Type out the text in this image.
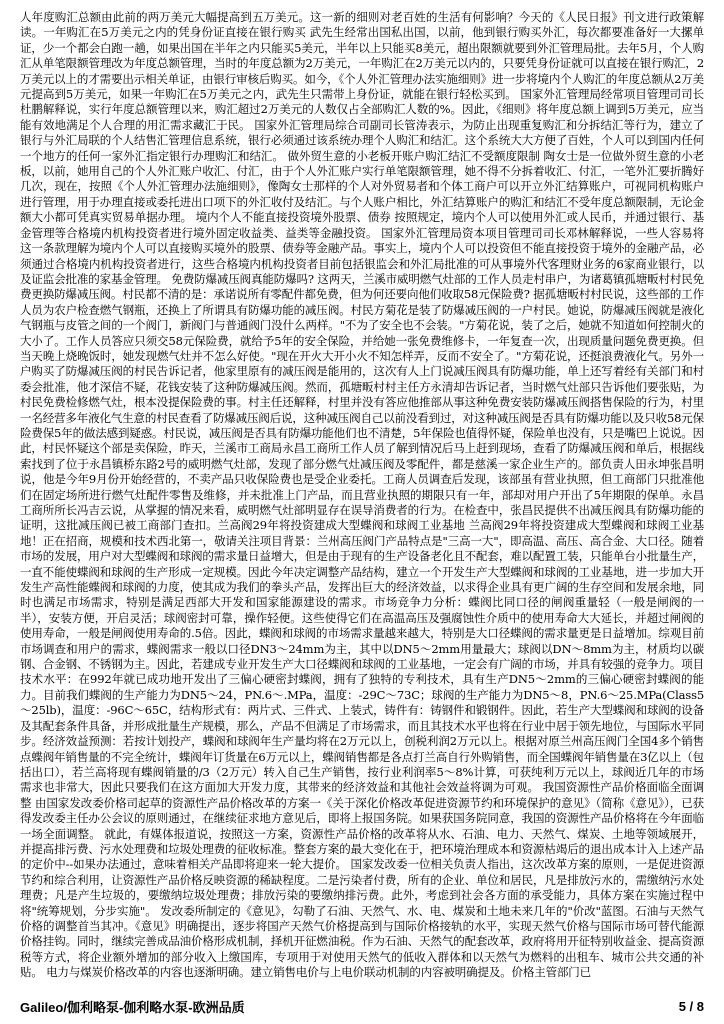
人年度购汇总额由此前的两万美元大幅提高到五万美元。这一新的细则对老百姓的生活有何影响？今天的《人民日报》刊文进行政策解读。一年购汇在5万美元之内的凭身份证直接在银行购买 武先生经常出国私出国，以前，他到银行购买外汇，每次都要准备好一大摞单证，少一个都会白跑一趟，如果出国在半年之内只能买5美元，半年以上只能买8美元，超出限额就要到外汇管理局批。去年5月，个人购汇从单笔限额管理改为年度总额管理，当时的年度总额为2万美元，一年购汇在2万美元以内的，只要凭身份证就可以直接在银行购汇，2万美元以上的才需要出示相关单证，由银行审核后购买。如今，《个人外汇管理办法实施细则》进一步将境内个人购汇的年度总额从2万美元提高到5万美元，如果一年购汇在5万美元之内，武先生只需带上身份证，就能在银行轻松买到。 国家外汇管理局经常项目管理司司长杜鹏解释说，实行年度总额管理以来，购汇超过2万美元的人数仅占全部购汇人数的%。因此，《细则》将年度总额上调到5万美元，应当能有效地满足个人合理的用汇需求藏汇于民。 国家外汇管理局综合司副司长管涛表示，为防止出现重复购汇和分拆结汇等行为，建立了银行与外汇局联的个人结售汇管理信息系统，银行必须通过该系统办理个人购汇和结汇。这个系统大大方便了百姓，个人可以到国内任何一个地方的任何一家外汇指定银行办理购汇和结汇。 做外贸生意的小老板开账户购汇结汇不受额度限制 陶女士是一位做外贸生意的小老板，以前，她用自己的个人外汇账户收汇、付汇，由于个人外汇账户实行单笔限额管理，她不得不分拆着收汇、付汇，一笔外汇要折腾好几次，现在，按照《个人外汇管理办法施细则》，像陶女士那样的个人对外贸易者和个体工商户可以开立外汇结算账户，可视同机构账户进行管理，用于办理直接或委托进出口项下的外汇收付及结汇。与个人账户相比，外汇结算账户的购汇和结汇不受年度总额限制，无论金额大小都可凭真实贸易单据办理。 境内个人不能直接投资境外股票、债券 按照规定，境内个人可以使用外汇或人民币，并通过银行、基金管理等合格境内机构投资者进行境外固定收益类、益类等金融投资。 国家外汇管理局资本项目管理司司长邓林解释说，一些人容易将这一条款理解为境内个人可以直接购买境外的股票、债券等金融产品。事实上，境内个人可以投资但不能直接投资于境外的金融产品，必须通过合格境内机构投资者进行，这些合格境内机构投资者目前包括银监会和外汇局批准的可从事境外代客理财业务的6家商业银行，以及证监会批准的家基金管理。 免费防爆减压阀真能防爆吗? 这两天，兰溪市威明燃气灶部的工作人员走村串户，为诸葛镇孤塘畈村村民免费更换防爆减压阀。村民都不清的是：承诺说所有零配件都免费，但为何还要向他们收取58元保险费? 据孤塘畈村村民说，这些部的工作人员为农户检查燃气钢瓶，还换上了所谓具有防爆功能的减压阀。村民方菊花是装了防爆减压阀的一户村民。她说，防爆减压阀就是液化气钢瓶与皮管之间的一个阀门，新阀门与普通阀门没什么两样。"不为了安全也不会装。"方菊花说，装了之后，她就不知道如何控制火的大小了。工作人员答应只须交58元保险费，就给予5年的安全保险，并给她一张免费维修卡，一年复查一次，出现质量问题免费更换。但当天晚上烧晚饭时，她发现燃气灶并不怎么好使。"现在开火大开小火不知怎样弄，反而不安全了。"方菊花说，还挺浪费液化气。另外一户购买了防爆减压阀的村民告诉记者，他家里原有的减压阀是能用的，这次有人上门说减压阀具有防爆功能，单上还写着经有关部门和村委会批准，他才深信不疑，花钱安装了这种防爆减压阀。然而，孤塘畈村村主任方永清却告诉记者，当时燃气灶部只告诉他们要张贴，为村民免费检修燃气灶，根本没提保险费的事。村主任还解释，村里并没有答应他推部从事这种免费安装防爆减压阀搭售保险的行为，村里一名经营多年液化气生意的村民查看了防爆减压阀后说，这种减压阀自己以前没看到过，对这种减压阀是否具有防爆功能以及只收58元保险费保5年的做法感到疑惑。村民说，减压阀是否具有防爆功能他们也不清楚，5年保险也值得怀疑，保险单也没有，只是嘴巴上说说。因此，村民怀疑这个部是卖保险，昨天，兰溪市工商局永昌工商所工作人员了解到情况后马上赶到现场，查看了防爆减压阀和单后，根据线索找到了位于永昌镇桥东路2号的威明燃气灶部，发现了部分燃气灶减压阀及零配件，都是慈溪一家企业生产的。部负责人田永坤张昌明说，他是今年9月份开始经营的，不卖产品只收保险费也是受企业委托。工商人员调查后发现，该部虽有营业执照，但工商部门只批准他们在固定场所进行燃气灶配件零售及维修，并未批准上门产品，而且营业执照的期限只有一年，部却对用户开出了5年期限的保单。永昌工商所所长冯吉云说，从掌握的情况来看，威明燃气灶部明显存在误导消费者的行为。在检查中，张昌民提供不出减压阀具有防爆功能的证明，这批减压阀已被工商部门查扣。兰高阀29年将投资建成大型蝶阀和球阀工业基地 兰高阀29年将投资建成大型蝶阀和球阀工业基地！正在招商，规模和技术西北第一，敬请关注项目背景：兰州高压阀门产品特点是"三高一大"，即高温、高压、高合金、大口径。随着市场的发展，用户对大型蝶阀和球阀的需求量日益增大，但是由于现有的生产设备老化且不配套，难以配置工装，只能单台小批量生产，一直不能使蝶阀和球阀的生产形成一定规模。因此今年决定调整产品结构，建立一个开发生产大型蝶阀和球阀的工业基地，进一步加大开发生产高性能蝶阀和球阀的力度，使其成为我们的拳头产品，发挥出巨大的经济效益，以求得企业具有更广阔的生存空间和发展余地，同时也满足市场需求，特别是满足西部大开发和国家能源建设的需求。市场竞争力分析：蝶阀比同口径的闸阀重量轻（一般是闸阀的一半），安装方便，开启灵活；球阀密封可靠，操作轻便。这些使得它们在高温高压及强腐蚀性介质中的使用寿命大大延长，并超过闸阀的使用寿命，一般是闸阀使用寿命的.5倍。因此，蝶阀和球阀的市场需求量越来越大，特别是大口径蝶阀的需求量更是日益增加。综观目前市场调查和用户的需求，蝶阀需求一般以口径DN3～24mm为主，其中以DN5～2mm用量最大；球阀以DN～8mm为主，材质均以碳钢、合金钢、不锈钢为主。因此，若建成专业开发生产大口径蝶阀和球阀的工业基地，一定会有广阔的市场，并具有较强的竞争力。项目技术水平：在992年就已成功地开发出了三偏心硬密封蝶阀，拥有了独特的专利技术，具有生产DN5～2mm的三偏心硬密封蝶阀的能力。目前我们蝶阀的生产能力为DN5～24，PN.6～.MPa，温度：-29C～73C；球阀的生产能力为DN5～8，PN.6～25.MPa(Class5～25lb)，温度：-96C～65C，结构形式有：两片式、三件式、上装式，铸件有：铸钢件和锻钢件。因此，若生产大型蝶阀和球阀的设备及其配套条件具备，并形成批量生产规模，那么，产品不但满足了市场需求，而且其技术水平也将在行业中居于领先地位，与国际水平同步。经济效益预测：若按计划投产，蝶阀和球阀年生产量均将在2万元以上，创税利润2万元以上。根据对原兰州高压阀门全国4多个销售点蝶阀年销售量的不完全统计，蝶阀年订货量在6万元以上，蝶阀销售都是各点打兰高自行外购销售，而全国蝶阀年销售量在3亿以上（包括出口），若兰高将现有蝶阀销量的/3（2万元）转入自己生产销售，按行业利润率5～8%计算，可获纯利万元以上，球阀近几年的市场需求也非常大，因此只要我们在这方面加大开发力度，其带来的经济效益和其他社会效益将调为可观。 我国资源性产品价格面临全面调整 由国家发改委价格司起草的资源性产品价格改革的方案一《关于深化价格改革促进资源节约和环境保护的意见》（简称《意见》），已获得发改委主任办公会议的原则通过，在继续征求地方意见后，即将上报国务院。如果获国务院同意，我国的资源性产品价格将在今年面临一场全面调整。 就此，有媒体报道说，按照这一方案，资源性产品价格的改革将从水、石油、电力、天然气、煤炭、土地等领域展开，并提高排污费、污水处理费和垃圾处理费的征收标准。整套方案的最大变化在于，把环境治理成本和资源枯竭后的退出成本计入上述产品的定价中--如果办法通过，意味着相关产品即将迎来一轮大提价。 国家发改委一位相关负责人指出，这次改革方案的原则，一是促进资源节约和综合利用，让资源性产品价格反映资源的稀缺程度。二是污染者付费，所有的企业、单位和居民，凡是排放污水的，需缴纳污水处理费；凡是产生垃圾的，要缴纳垃圾处理费；排放污染的要缴纳排污费。此外，考虑到社会各方面的承受能力，具体方案在实施过程中将"统筹规划，分步实施"。 发改委所制定的《意见》，勾勒了石油、天然气、水、电、煤炭和土地未来几年的"价改"蓝图。石油与天然气价格的调整首当其冲。《意见》明确提出，逐步将国产天然气价格提高到与国际价格接轨的水平，实现天然气价格与国际市场可替代能源价格挂钩。同时，继续完善成品油价格形成机制，择机开征燃油税。作为石油、天然气的配套改革，政府将用开征特别收益金、提高资源税等方式，将企业额外增加的部分收入上缴国库，专项用于对使用天然气的低收入群体和以天然气为燃料的出租车、城市公共交通的补贴。 电力与煤炭价格改革的内容也逐渐明确。建立销售电价与上电价联动机制的内容被明确提及。价格主管部门已

Galileo/伽利略泵-伽利略水泵-欧洲品质	5 / 8
